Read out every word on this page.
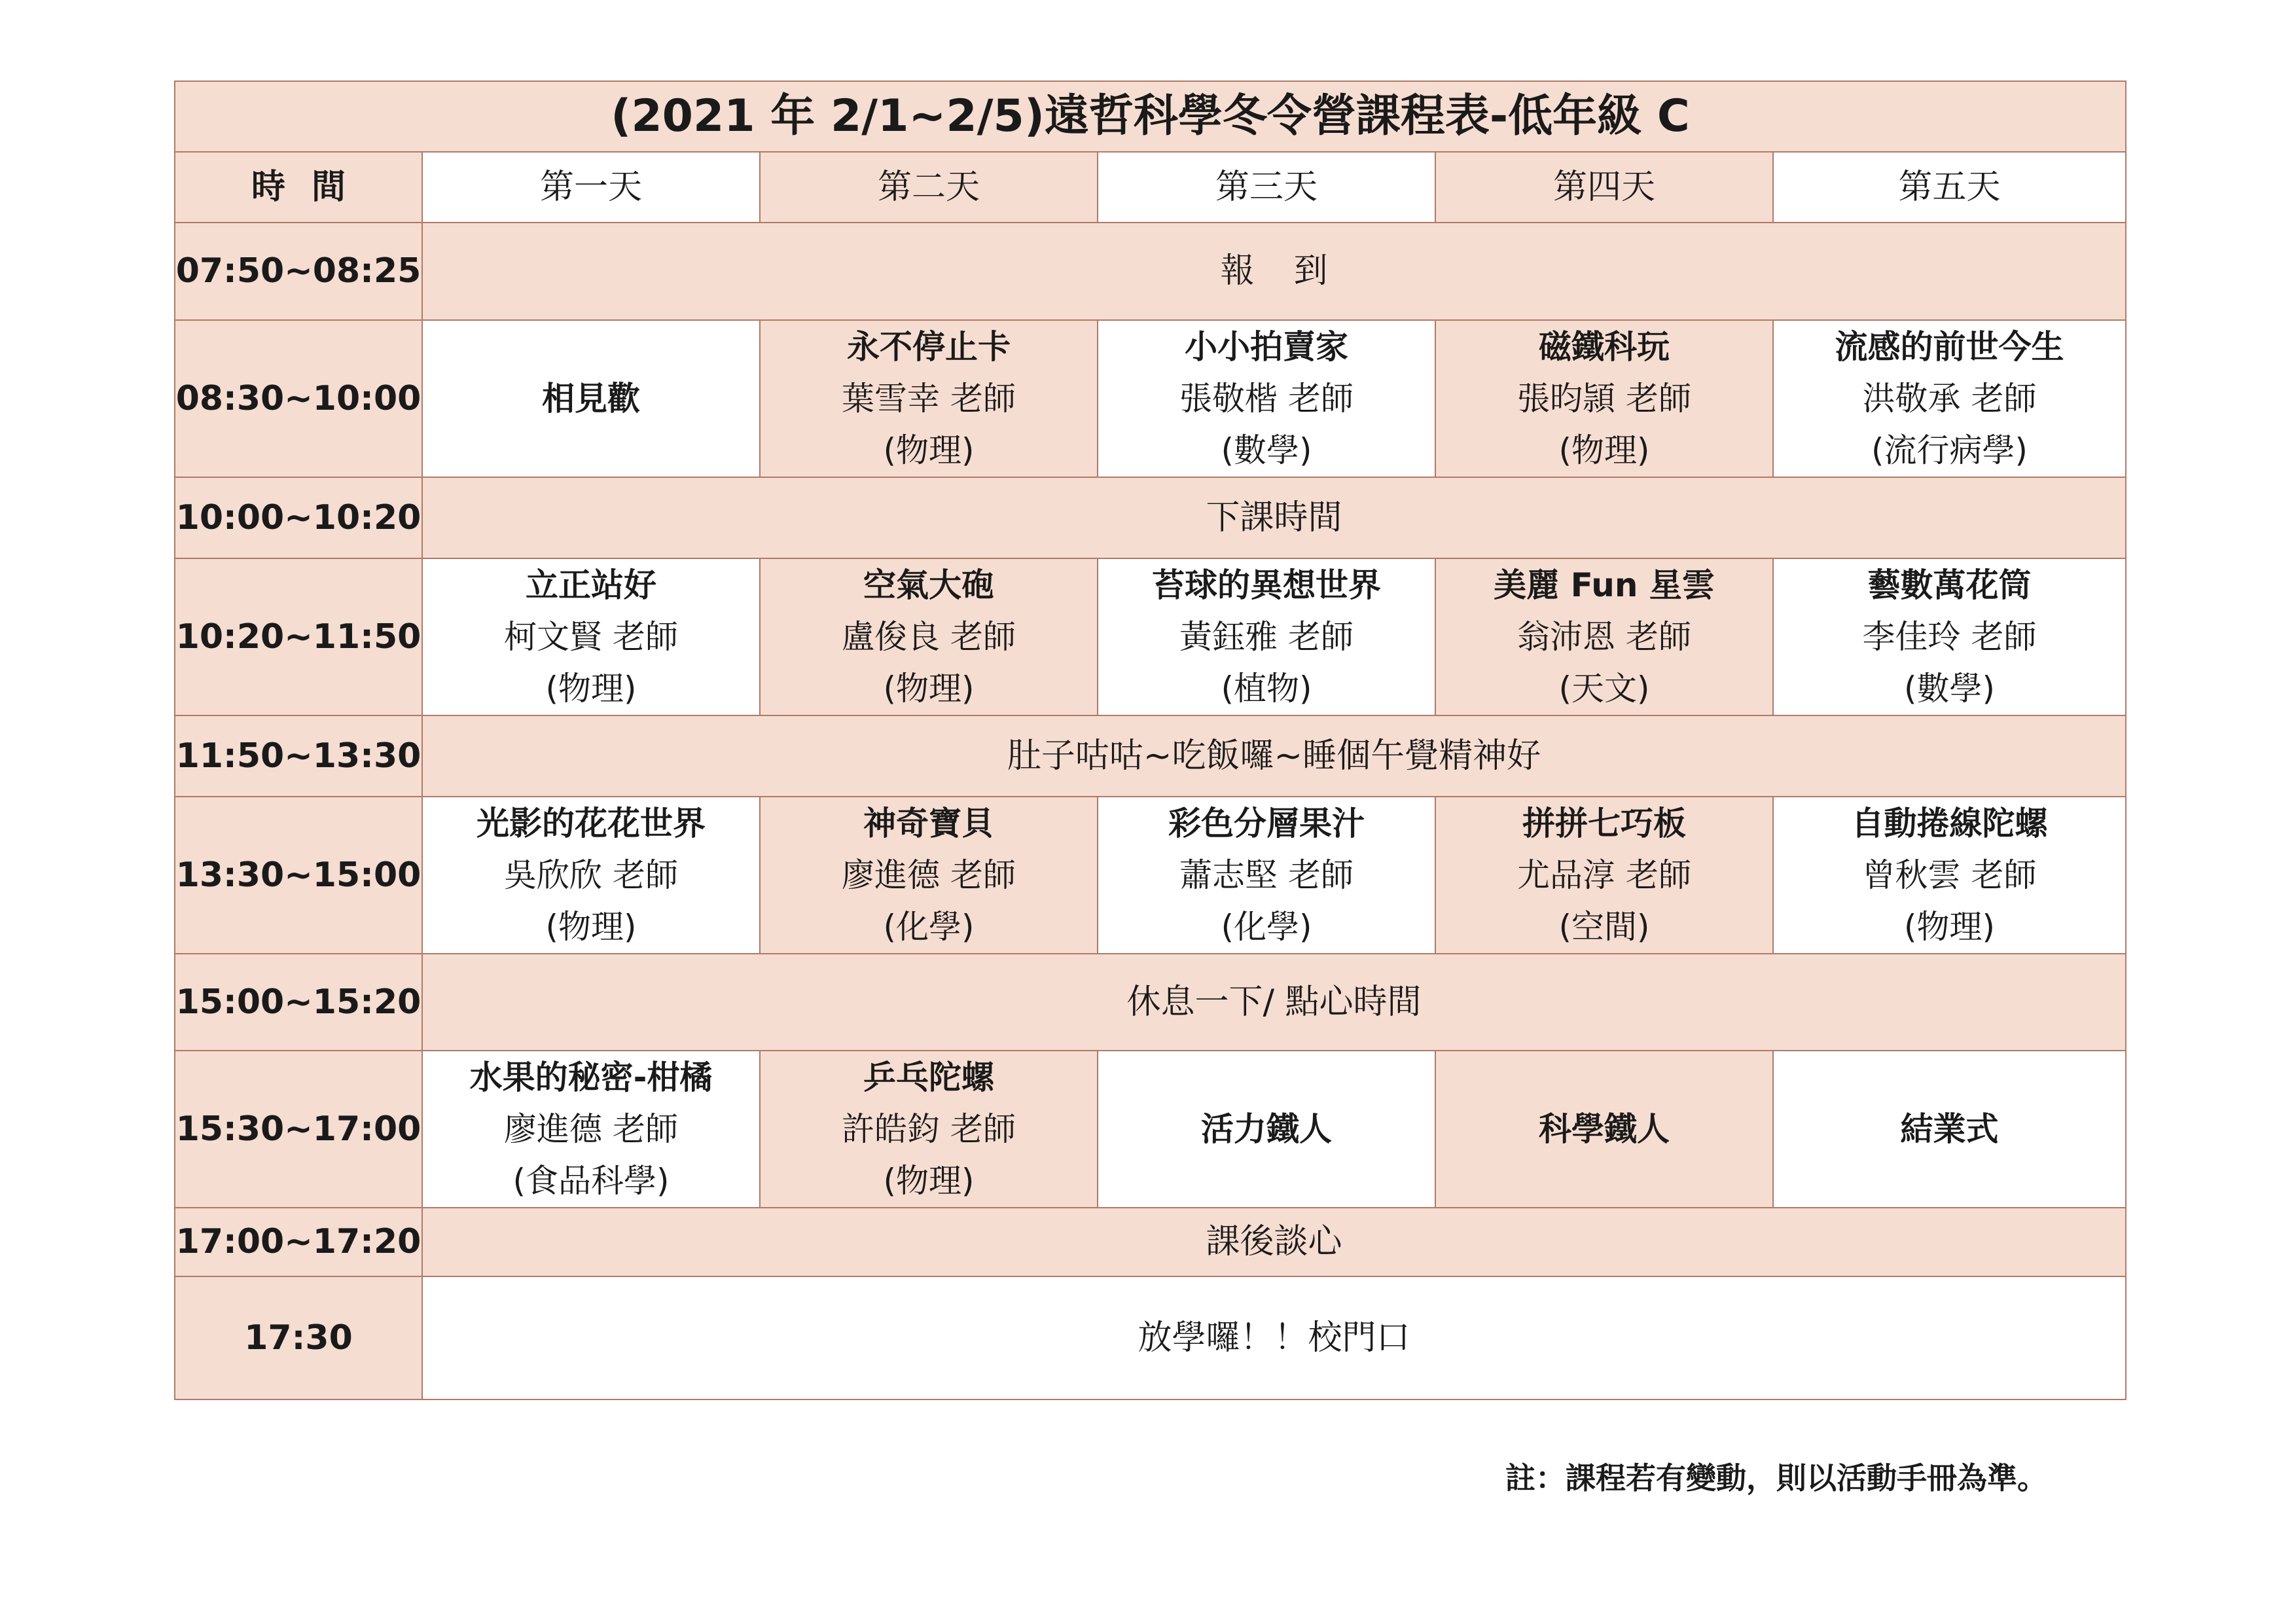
(2021 年 2/1~2/5)遠哲科學冬令營課程表-低年級 C					
時間	第一天	第二天	第三天	第四天	第五天
07:50~08:25	報到				
08:30~10:00	相見歡	永不停止卡
葉雪幸 老師
(物理)	小小拍賣家
張敬楷 老師
(數學)	磁鐵科玩
張昀頴 老師
(物理)	流感的前世今生
洪敬承 老師
(流行病學)

10:00~10:20	下課時間				
10:20~11:50	立正站好
柯文賢 老師
(物理)	空氣大砲
盧俊良 老師
(物理)	苔球的異想世界
黃鈺雅 老師
(植物)	美麗 Fun 星雲
翁沛恩 老師
(天文)	藝數萬花筒
李佳玲 老師
(數學)

11:50~13:30	肚子咕咕~吃飯囉~睡個午覺精神好				
13:30~15:00	光影的花花世界
吳欣欣 老師
(物理)	神奇寶貝
廖進德 老師
(化學)	彩色分層果汁
蕭志堅 老師
(化學)	拼拼七巧板
尤品淳 老師
(空間)	自動捲線陀螺
曾秋雲 老師
(物理)

15:00~15:20	休息一下/ 點心時間				
15:30~17:00	水果的秘密-柑橘
廖進德 老師
(食品科學)	乒乓陀螺
許皓鈞 老師
(物理)	活力鐵人	科學鐵人	結業式

17:00~17:20	課後談心				
17:30	放學囉！！校門口				
註：課程若有變動，則以活動手冊為準。
